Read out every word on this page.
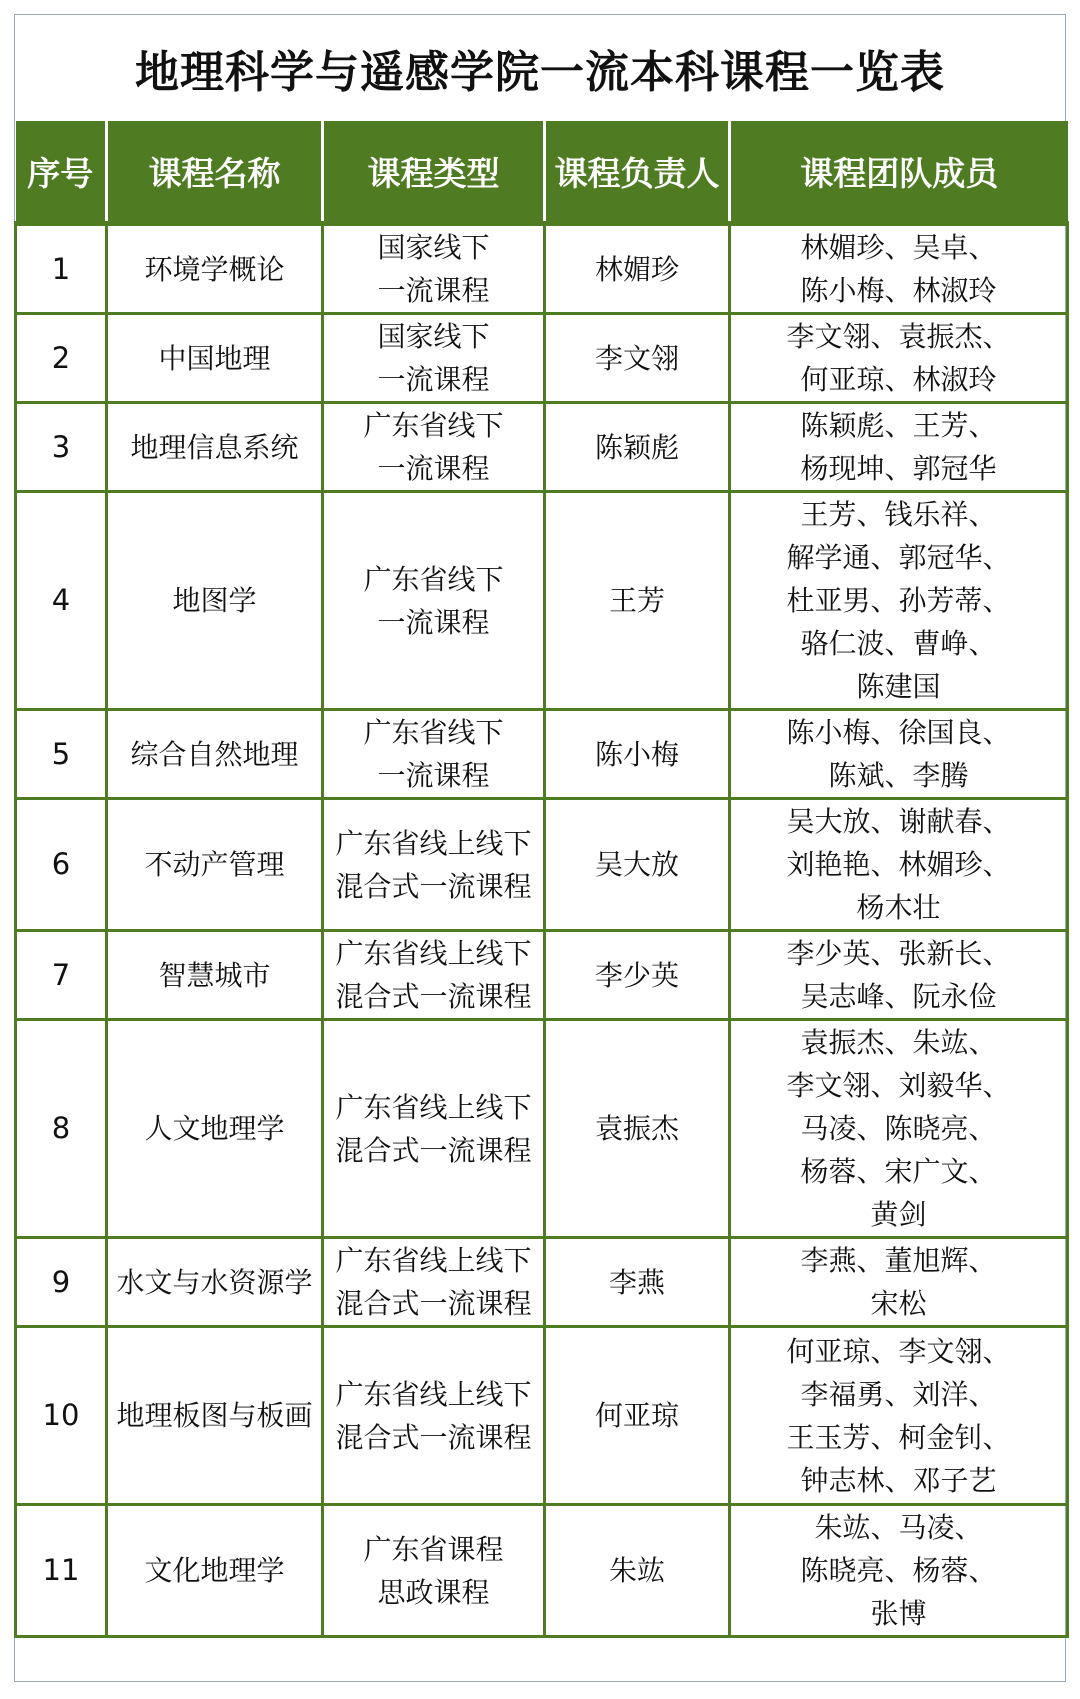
地理科学与遥感学院一流本科课程一览表
序号	课程名称	课程类型	课程负责人	课程团队成员
1	环境学概论	国家线下
一流课程	林媚珍	林媚珍、吴卓、
陈小梅、林淑玲

2	中国地理	国家线下
一流课程	李文翎	李文翎、袁振杰、
何亚琼、林淑玲

3	地理信息系统	广东省线下
一流课程	陈颖彪	陈颖彪、王芳、
杨现坤、郭冠华

4	地图学	广东省线下
一流课程	王芳	王芳、钱乐祥、
解学通、郭冠华、
杜亚男、孙芳蒂、
骆仁波、曹峥、
陈建国

5	综合自然地理	广东省线下
一流课程	陈小梅	陈小梅、徐国良、
陈斌、李腾

6	不动产管理	广东省线上线下
混合式一流课程	吴大放	吴大放、谢献春、
刘艳艳、林媚珍、
杨木壮

7	智慧城市	广东省线上线下
混合式一流课程	李少英	李少英、张新长、
吴志峰、阮永俭

8	人文地理学	广东省线上线下
混合式一流课程	袁振杰	袁振杰、朱竑、
李文翎、刘毅华、
马凌、陈晓亮、
杨蓉、宋广文、
黄剑

9	水文与水资源学	广东省线上线下
混合式一流课程	李燕	李燕、董旭辉、
宋松

10	地理板图与板画	广东省线上线下
混合式一流课程	何亚琼	何亚琼、李文翎、
李福勇、刘洋、
王玉芳、柯金钊、
钟志林、邓子艺

11	文化地理学	广东省课程
思政课程	朱竑	朱竑、马凌、
陈晓亮、杨蓉、
张博
